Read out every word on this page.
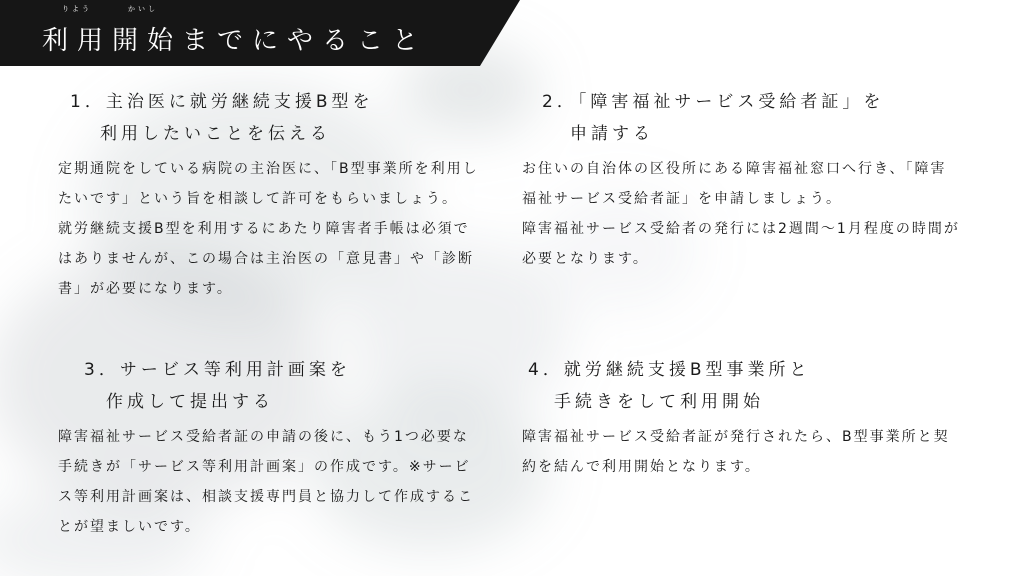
りよう	かいし
利用開始までにやること
1．主治医に就労継続支援B型を
利用したいことを伝える

定期通院をしている病院の主治医に、「B型事業所を利用したいです」という旨を相談して許可をもらいましょう。

就労継続支援B型を利用するにあたり障害者手帳は必須ではありませんが、この場合は主治医の「意見書」や「診断書」が必要になります。

2．「障害福祉サービス受給者証」を
申請する

お住いの自治体の区役所にある障害福祉窓口へ行き、「障害福祉サービス受給者証」を申請しましょう。

障害福祉サービス受給者の発行には2週間〜1月程度の時間が必要となります。

3．サービス等利用計画案を
作成して提出する

障害福祉サービス受給者証の申請の後に、もう1つ必要な手続きが「サービス等利用計画案」の作成です。※サービス等利用計画案は、相談支援専門員と協力して作成することが望ましいです。

4．就労継続支援B型事業所と
手続きをして利用開始

障害福祉サービス受給者証が発行されたら、B型事業所と契約を結んで利用開始となります。
